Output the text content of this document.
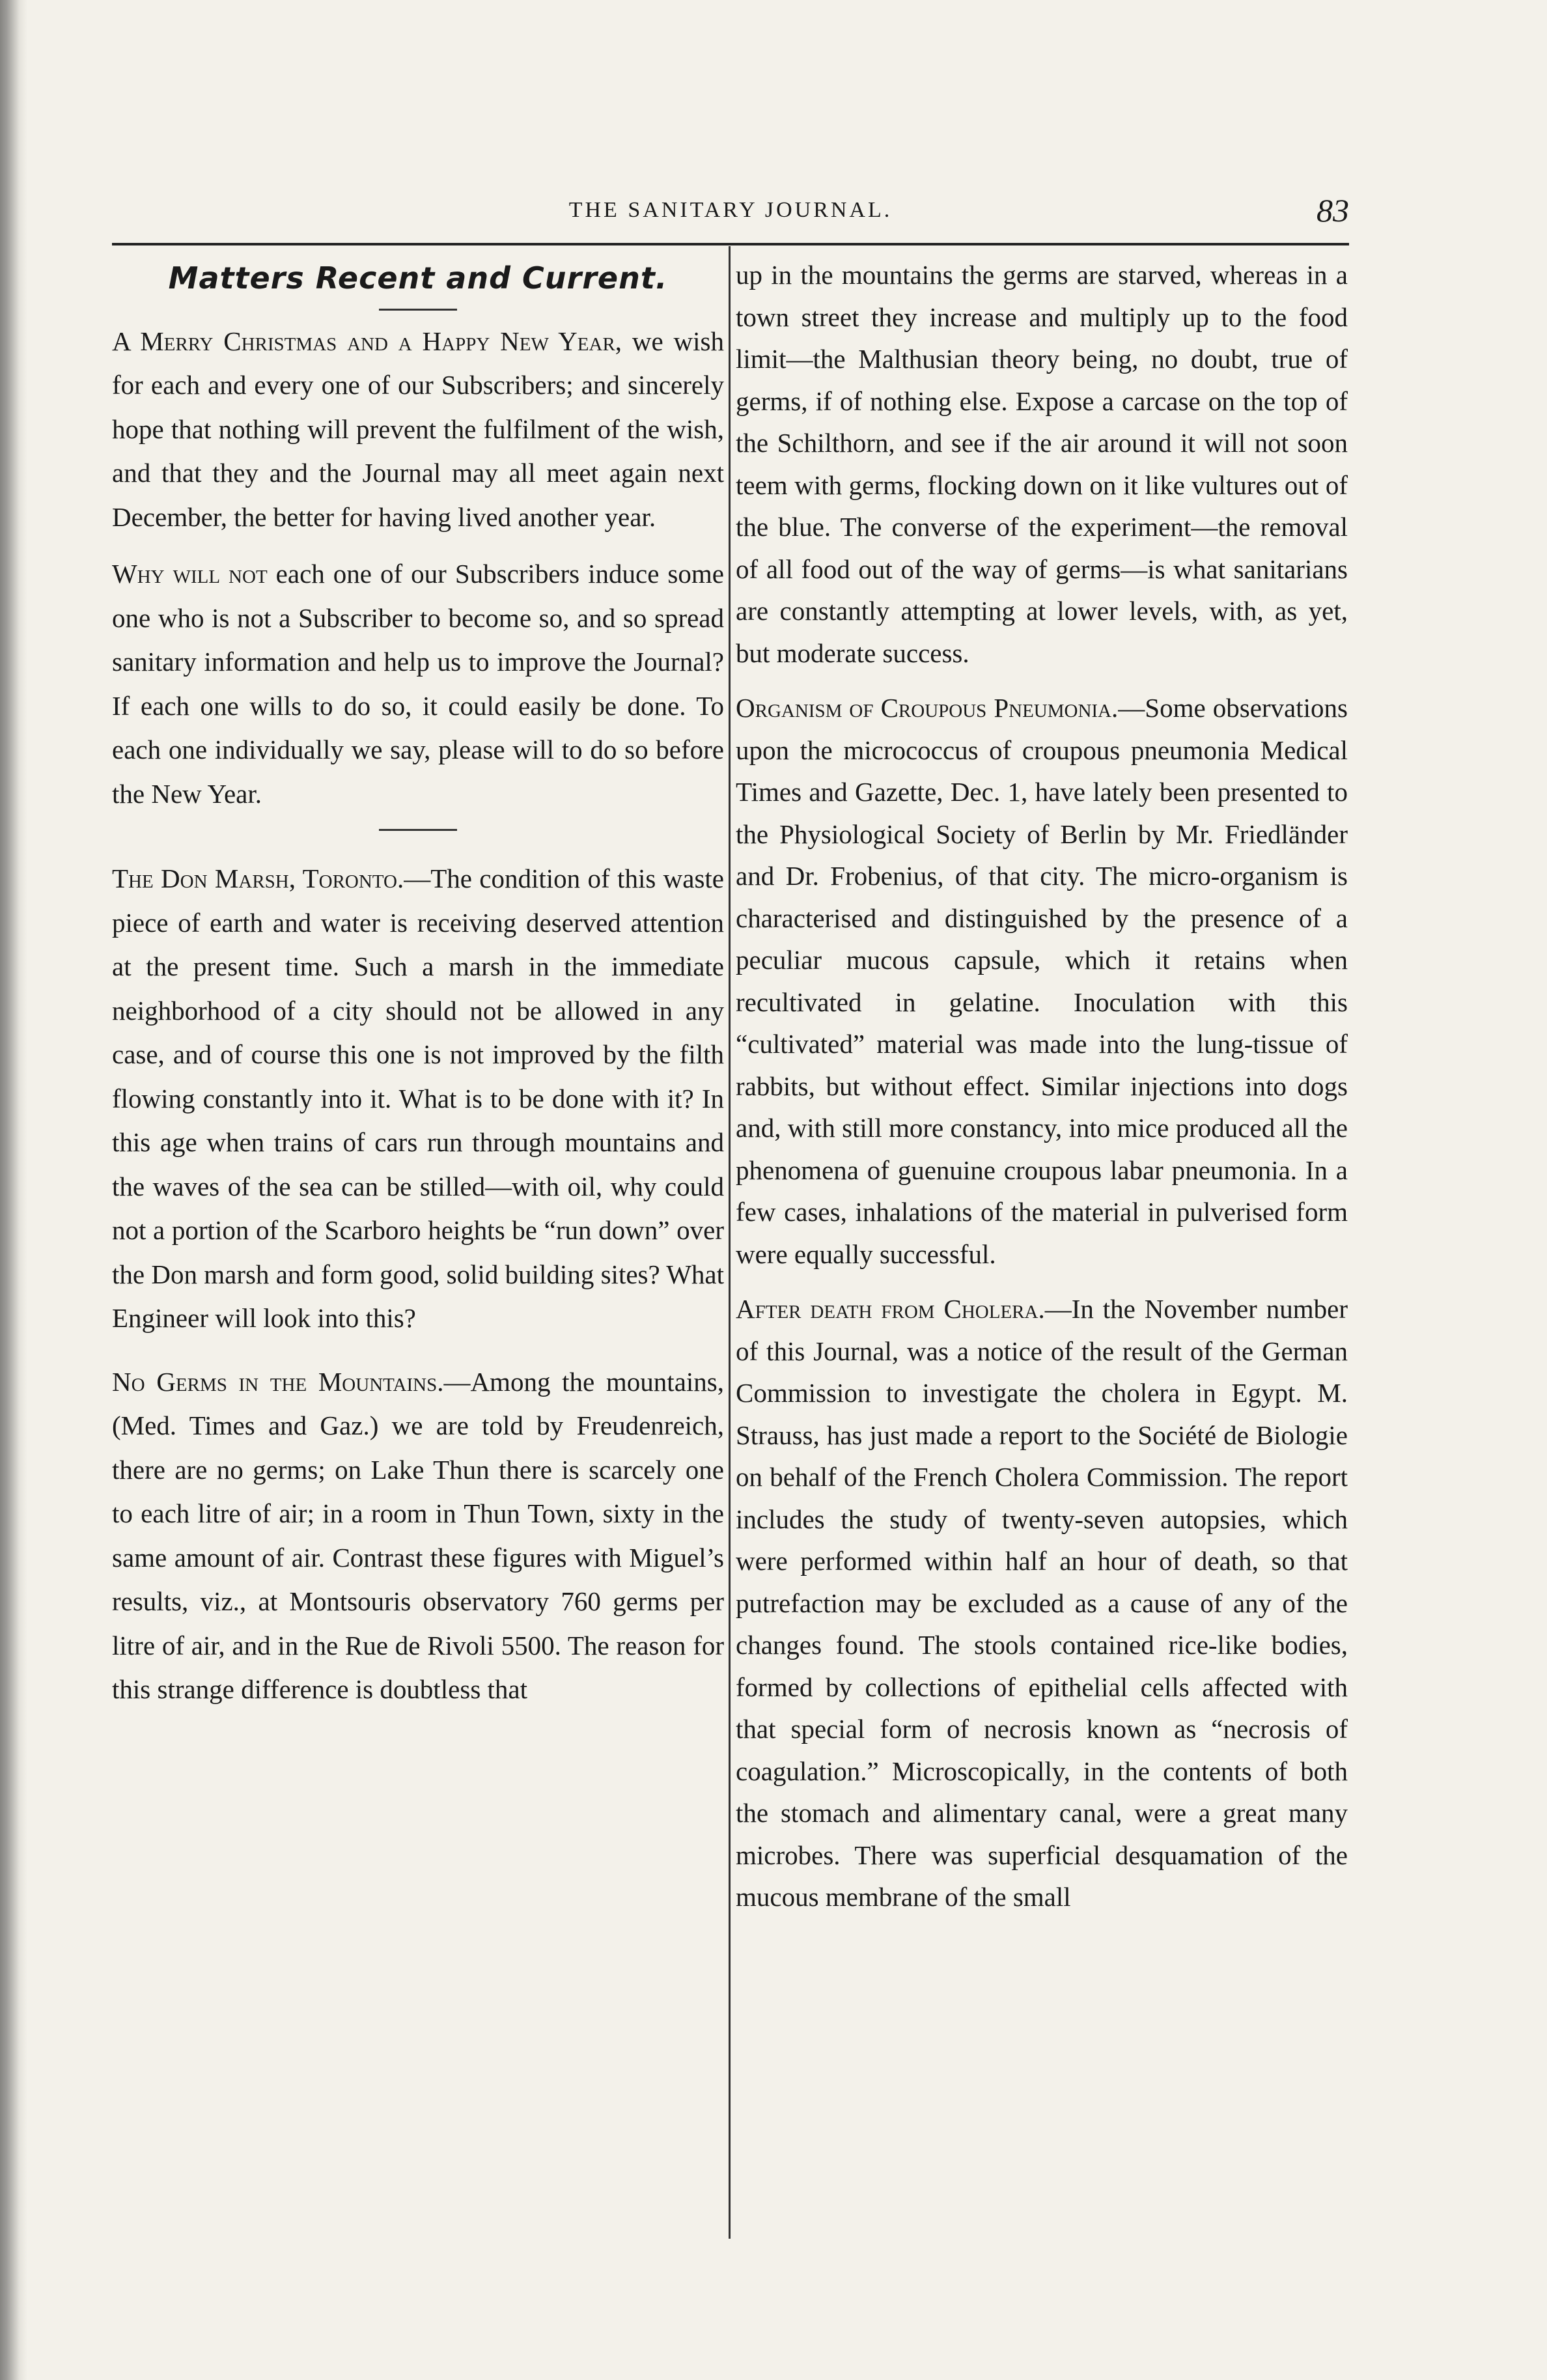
THE SANITARY JOURNAL.	83
Matters Recent and Current.

A Merry Christmas and a Happy New Year, we wish for each and every one of our Subscribers; and sincerely hope that nothing will prevent the fulfilment of the wish, and that they and the Journal may all meet again next December, the better for having lived another year.

Why will not each one of our Subscribers induce some one who is not a Subscriber to become so, and so spread sanitary information and help us to improve the Journal? If each one wills to do so, it could easily be done. To each one individually we say, please will to do so before the New Year.

The Don Marsh, Toronto.—The condition of this waste piece of earth and water is receiving deserved attention at the present time. Such a marsh in the immediate neighborhood of a city should not be allowed in any case, and of course this one is not improved by the filth flowing constantly into it. What is to be done with it? In this age when trains of cars run through mountains and the waves of the sea can be stilled—with oil, why could not a portion of the Scarboro heights be “run down” over the Don marsh and form good, solid building sites? What Engineer will look into this?

No Germs in the Mountains.—Among the mountains, (Med. Times and Gaz.) we are told by Freudenreich, there are no germs; on Lake Thun there is scarcely one to each litre of air; in a room in Thun Town, sixty in the same amount of air. Contrast these figures with Miguel’s results, viz., at Montsouris observatory 760 germs per litre of air, and in the Rue de Rivoli 5500. The reason for this strange difference is doubtless that

up in the mountains the germs are starved, whereas in a town street they increase and multiply up to the food limit—the Malthusian theory being, no doubt, true of germs, if of nothing else. Expose a carcase on the top of the Schilthorn, and see if the air around it will not soon teem with germs, flocking down on it like vultures out of the blue. The converse of the experiment—the removal of all food out of the way of germs—is what sanitarians are constantly attempting at lower levels, with, as yet, but moderate success.

Organism of Croupous Pneumonia.—Some observations upon the micrococcus of croupous pneumonia Medical Times and Gazette, Dec. 1, have lately been presented to the Physiological Society of Berlin by Mr. Friedländer and Dr. Frobenius, of that city. The micro-organism is characterised and distinguished by the presence of a peculiar mucous capsule, which it retains when recultivated in gelatine. Inoculation with this “cultivated” material was made into the lung-tissue of rabbits, but without effect. Similar injections into dogs and, with still more constancy, into mice produced all the phenomena of guenuine croupous labar pneumonia. In a few cases, inhalations of the material in pulverised form were equally successful.

After death from Cholera.—In the November number of this Journal, was a notice of the result of the German Commission to investigate the cholera in Egypt. M. Strauss, has just made a report to the Société de Biologie on behalf of the French Cholera Commission. The report includes the study of twenty-seven autopsies, which were performed within half an hour of death, so that putrefaction may be excluded as a cause of any of the changes found. The stools contained rice-like bodies, formed by collections of epithelial cells affected with that special form of necrosis known as “necrosis of coagulation.” Microscopically, in the contents of both the stomach and alimentary canal, were a great many microbes. There was superficial desquamation of the mucous membrane of the small
